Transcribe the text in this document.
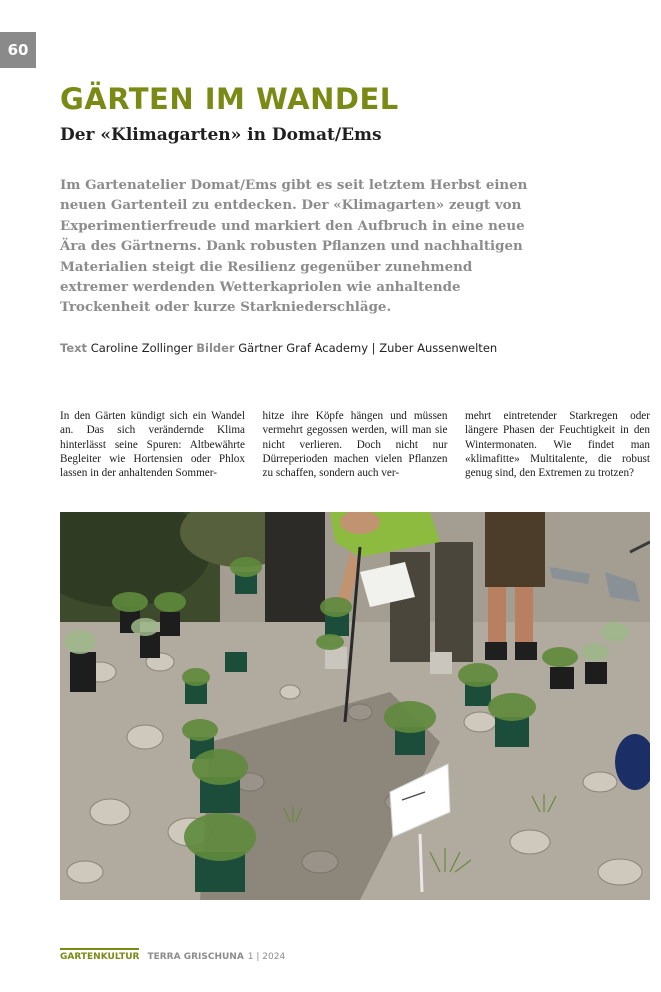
60
GÄRTEN IM WANDEL
Der «Klimagarten» in Domat/Ems

Im Gartenatelier Domat/Ems gibt es seit letztem Herbst einen neuen Gartenteil zu entdecken. Der «Klimagarten» zeugt von Experimentierfreude und markiert den Aufbruch in eine neue Ära des Gärtnerns. Dank robusten Pflanzen und nachhaltigen Materialien steigt die Resilienz gegenüber zunehmend extremer werdenden Wetterkapriolen wie anhaltende Trockenheit oder kurze Starkniederschläge.

Text Caroline Zollinger Bilder Gärtner Graf Academy | Zuber Aussenwelten

In den Gärten kündigt sich ein Wandel an. Das sich verändernde Klima hinterlässt seine Spuren: Altbewährte Begleiter wie Hortensien oder Phlox lassen in der anhaltenden Sommer-

hitze ihre Köpfe hängen und müssen vermehrt gegossen werden, will man sie nicht verlieren. Doch nicht nur Dürreperioden machen vielen Pflanzen zu schaffen, sondern auch ver-

mehrt eintretender Starkregen oder längere Phasen der Feuchtigkeit in den Wintermonaten. Wie findet man «klimafitte» Multitalente, die robust genug sind, den Extremen zu trotzen?

GARTENKULTUR TERRA GRISCHUNA 1 | 2024
